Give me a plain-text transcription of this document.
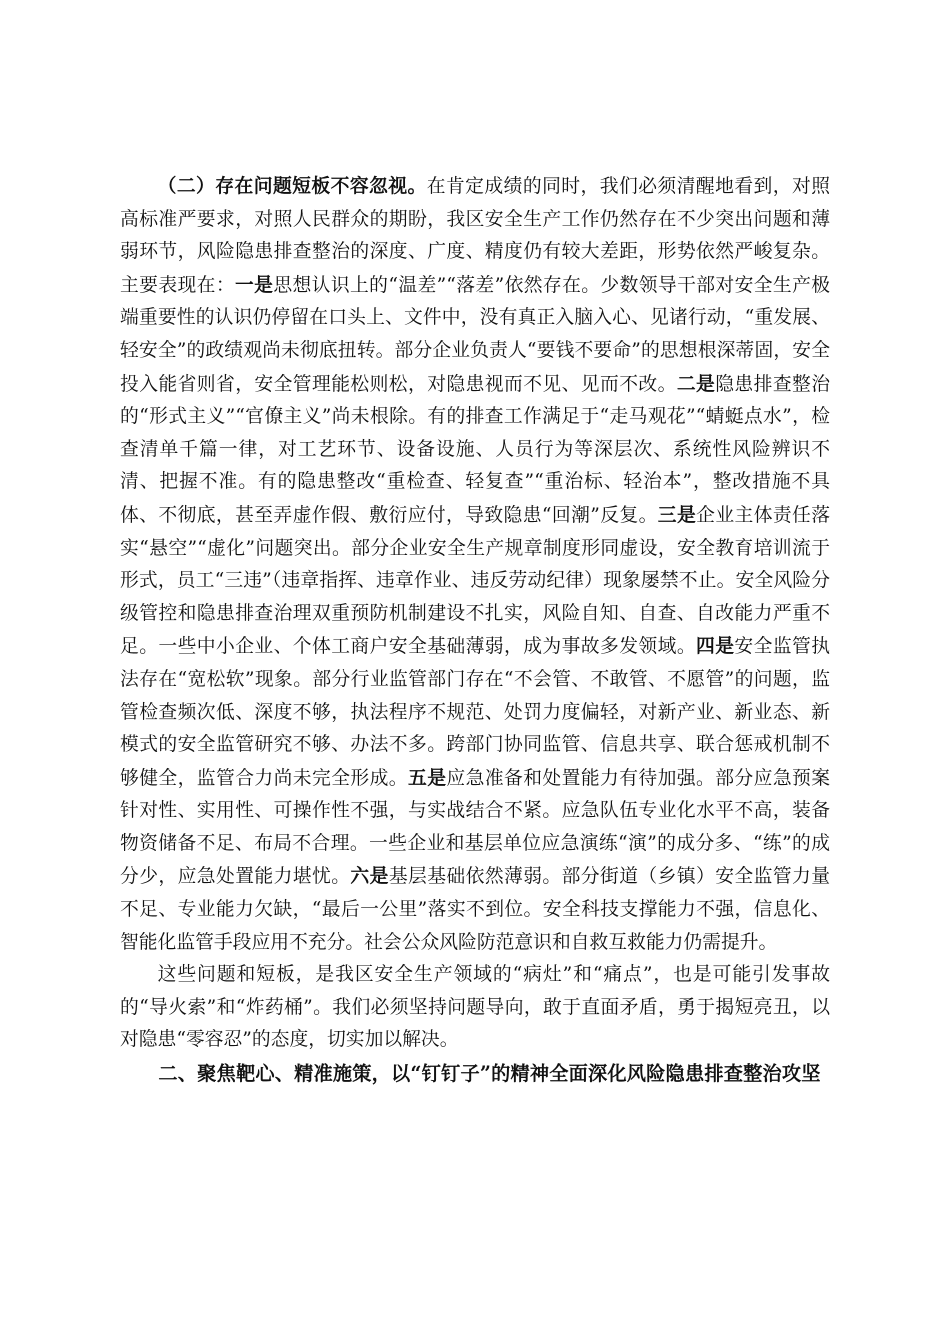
（二）存在问题短板不容忽视。在肯定成绩的同时，我们必须清醒地看到，对照高标准严要求，对照人民群众的期盼，我区安全生产工作仍然存在不少突出问题和薄弱环节，风险隐患排查整治的深度、广度、精度仍有较大差距，形势依然严峻复杂。主要表现在：一是思想认识上的“温差”“落差”依然存在。少数领导干部对安全生产极端重要性的认识仍停留在口头上、文件中，没有真正入脑入心、见诸行动，“重发展、轻安全”的政绩观尚未彻底扭转。部分企业负责人“要钱不要命”的思想根深蒂固，安全投入能省则省，安全管理能松则松，对隐患视而不见、见而不改。二是隐患排查整治的“形式主义”“官僚主义”尚未根除。有的排查工作满足于“走马观花”“蜻蜓点水”，检查清单千篇一律，对工艺环节、设备设施、人员行为等深层次、系统性风险辨识不清、把握不准。有的隐患整改“重检查、轻复查”“重治标、轻治本”，整改措施不具体、不彻底，甚至弄虚作假、敷衍应付，导致隐患“回潮”反复。三是企业主体责任落实“悬空”“虚化”问题突出。部分企业安全生产规章制度形同虚设，安全教育培训流于形式，员工“三违”（违章指挥、违章作业、违反劳动纪律）现象屡禁不止。安全风险分级管控和隐患排查治理双重预防机制建设不扎实，风险自知、自查、自改能力严重不足。一些中小企业、个体工商户安全基础薄弱，成为事故多发领域。四是安全监管执法存在“宽松软”现象。部分行业监管部门存在“不会管、不敢管、不愿管”的问题，监管检查频次低、深度不够，执法程序不规范、处罚力度偏轻，对新产业、新业态、新模式的安全监管研究不够、办法不多。跨部门协同监管、信息共享、联合惩戒机制不够健全，监管合力尚未完全形成。五是应急准备和处置能力有待加强。部分应急预案针对性、实用性、可操作性不强，与实战结合不紧。应急队伍专业化水平不高，装备物资储备不足、布局不合理。一些企业和基层单位应急演练“演”的成分多、“练”的成分少，应急处置能力堪忧。六是基层基础依然薄弱。部分街道（乡镇）安全监管力量不足、专业能力欠缺，“最后一公里”落实不到位。安全科技支撑能力不强，信息化、智能化监管手段应用不充分。社会公众风险防范意识和自救互救能力仍需提升。

这些问题和短板，是我区安全生产领域的“病灶”和“痛点”，也是可能引发事故的“导火索”和“炸药桶”。我们必须坚持问题导向，敢于直面矛盾，勇于揭短亮丑，以对隐患“零容忍”的态度，切实加以解决。

二、聚焦靶心、精准施策，以“钉钉子”的精神全面深化风险隐患排查整治攻坚
